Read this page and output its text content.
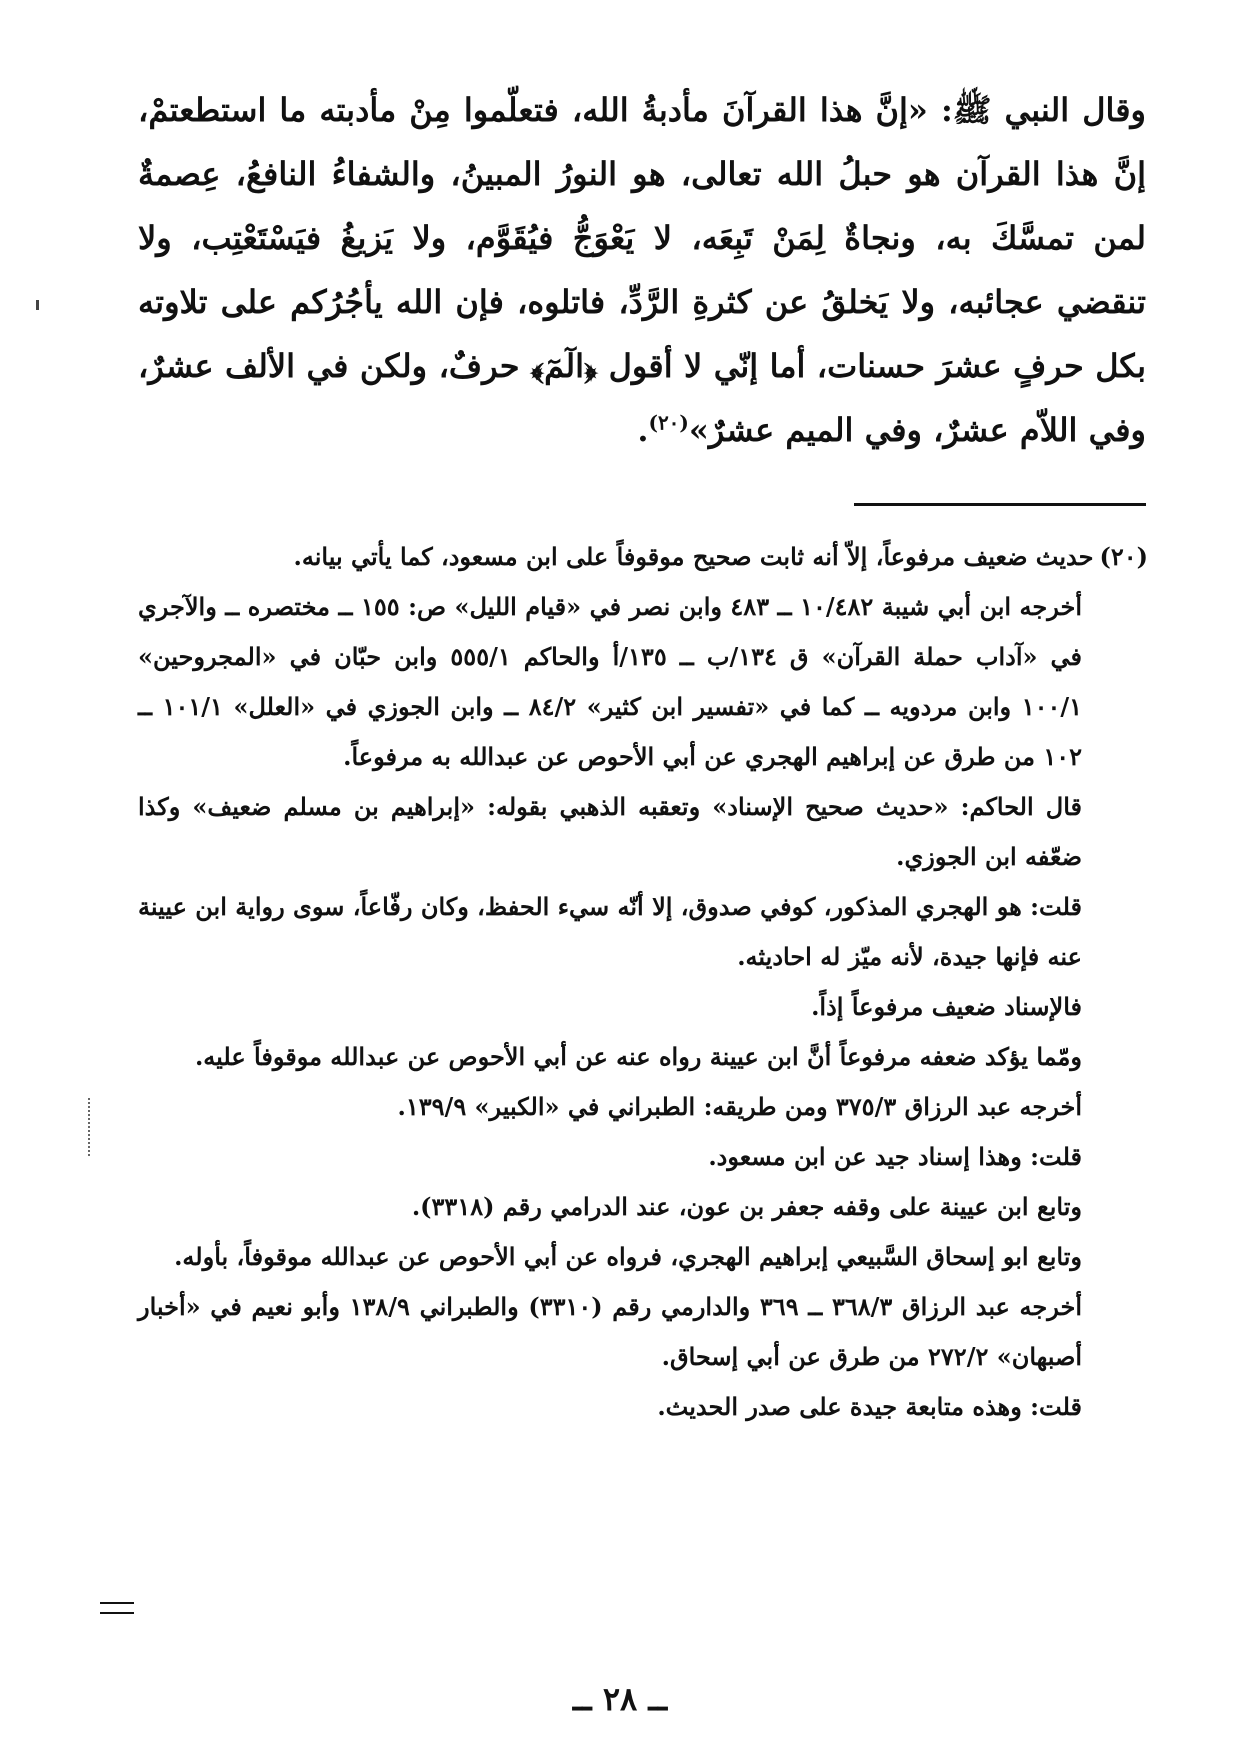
وقال النبي ﷺ: «إنَّ هذا القرآنَ مأدبةُ الله، فتعلّموا مِنْ مأدبته ما استطعتمْ، إنَّ هذا القرآن هو حبلُ الله تعالى، هو النورُ المبينُ، والشفاءُ النافعُ، عِصمةٌ لمن تمسَّكَ به، ونجاةٌ لِمَنْ تَبِعَه، لا يَعْوَجُّ فيُقَوَّم، ولا يَزيغُ فيَسْتَعْتِب، ولا تنقضي عجائبه، ولا يَخلقُ عن كثرةِ الرَّدِّ، فاتلوه، فإن الله يأجُرُكم على تلاوته بكل حرفٍ عشرَ حسنات، أما إنّي لا أقول ﴿الٓمٓ﴾ حرفٌ، ولكن في الألف عشرٌ، وفي اللاّم عشرٌ، وفي الميم عشرٌ»$^{(٢٠)}$.

(٢٠)حديث ضعيف مرفوعاً، إلاّ أنه ثابت صحيح موقوفاً على ابن مسعود، كما يأتي بيانه.

أخرجه ابن أبي شيبة ١٠/٤٨٢ ــ ٤٨٣ وابن نصر في «قيام الليل» ص: ١٥٥ ــ مختصره ــ والآجري في «آداب حملة القرآن» ق ١٣٤/ب ــ ١٣٥/أ والحاكم ٥٥٥/١ وابن حبّان في «المجروحين» ١٠٠/١ وابن مردويه ــ كما في «تفسير ابن كثير» ٨٤/٢ ــ وابن الجوزي في «العلل» ١٠١/١ ــ ١٠٢ من طرق عن إبراهيم الهجري عن أبي الأحوص عن عبدالله به مرفوعاً.

قال الحاكم: «حديث صحيح الإسناد» وتعقبه الذهبي بقوله: «إبراهيم بن مسلم ضعيف» وكذا ضعّفه ابن الجوزي.

قلت: هو الهجري المذكور، كوفي صدوق، إلا أنّه سيء الحفظ، وكان رفّاعاً، سوى رواية ابن عيينة عنه فإنها جيدة، لأنه ميّز له احاديثه.

فالإسناد ضعيف مرفوعاً إذاً.

ومّما يؤكد ضعفه مرفوعاً أنَّ ابن عيينة رواه عنه عن أبي الأحوص عن عبدالله موقوفاً عليه.

أخرجه عبد الرزاق ٣٧٥/٣ ومن طريقه: الطبراني في «الكبير» ١٣٩/٩.

قلت: وهذا إسناد جيد عن ابن مسعود.

وتابع ابن عيينة على وقفه جعفر بن عون، عند الدرامي رقم (٣٣١٨).

وتابع ابو إسحاق السَّبيعي إبراهيم الهجري، فرواه عن أبي الأحوص عن عبدالله موقوفاً، بأوله.

أخرجه عبد الرزاق ٣٦٨/٣ ــ ٣٦٩ والدارمي رقم (٣٣١٠) والطبراني ١٣٨/٩ وأبو نعيم في «أخبار أصبهان» ٢٧٢/٢ من طرق عن أبي إسحاق.

قلت: وهذه متابعة جيدة على صدر الحديث.

ــ ٢٨ ــ
